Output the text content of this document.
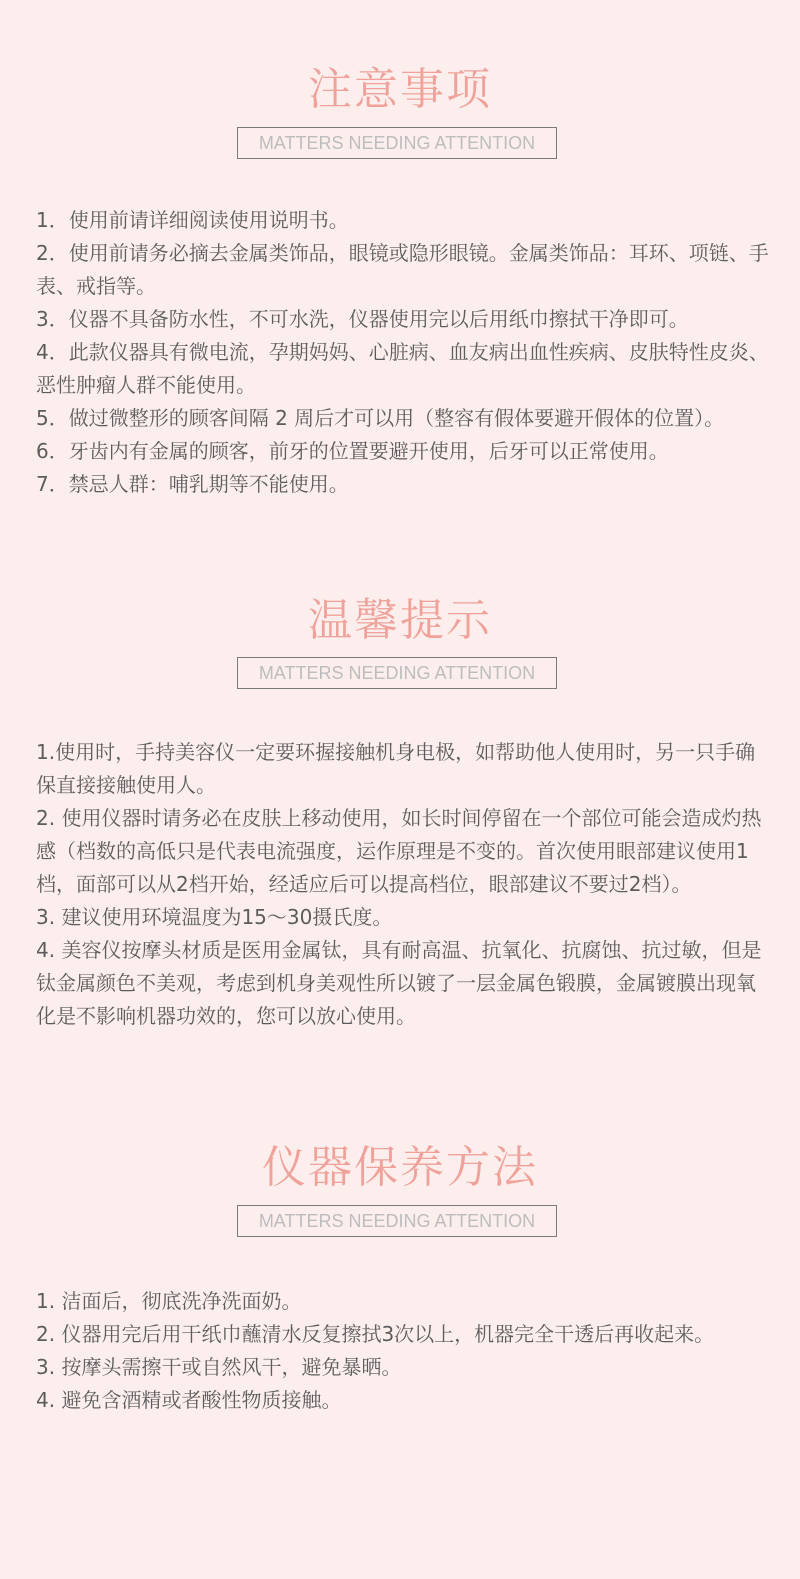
注意事项
MATTERS NEEDING ATTENTION
1．使用前请详细阅读使用说明书。
2．使用前请务必摘去金属类饰品，眼镜或隐形眼镜。金属类饰品：耳环、项链、手表、戒指等。
3．仪器不具备防水性，不可水洗，仪器使用完以后用纸巾擦拭干净即可。
4．此款仪器具有微电流，孕期妈妈、心脏病、血友病出血性疾病、皮肤特性皮炎、恶性肿瘤人群不能使用。
5．做过微整形的顾客间隔 2 周后才可以用（整容有假体要避开假体的位置）。
6．牙齿内有金属的顾客，前牙的位置要避开使用，后牙可以正常使用。
7．禁忌人群：哺乳期等不能使用。
温馨提示
MATTERS NEEDING ATTENTION
1.使用时，手持美容仪一定要环握接触机身电极，如帮助他人使用时，另一只手确保直接接触使用人。
2. 使用仪器时请务必在皮肤上移动使用，如长时间停留在一个部位可能会造成灼热感（档数的高低只是代表电流强度，运作原理是不变的。首次使用眼部建议使用1档，面部可以从2档开始，经适应后可以提高档位，眼部建议不要过2档）。
3. 建议使用环境温度为15～30摄氏度。
4. 美容仪按摩头材质是医用金属钛，具有耐高温、抗氧化、抗腐蚀、抗过敏，但是钛金属颜色不美观，考虑到机身美观性所以镀了一层金属色锻膜，金属镀膜出现氧化是不影响机器功效的，您可以放心使用。
仪器保养方法
MATTERS NEEDING ATTENTION
1. 洁面后，彻底洗净洗面奶。
2. 仪器用完后用干纸巾蘸清水反复擦拭3次以上，机器完全干透后再收起来。
3. 按摩头需擦干或自然风干，避免暴晒。
4. 避免含酒精或者酸性物质接触。
